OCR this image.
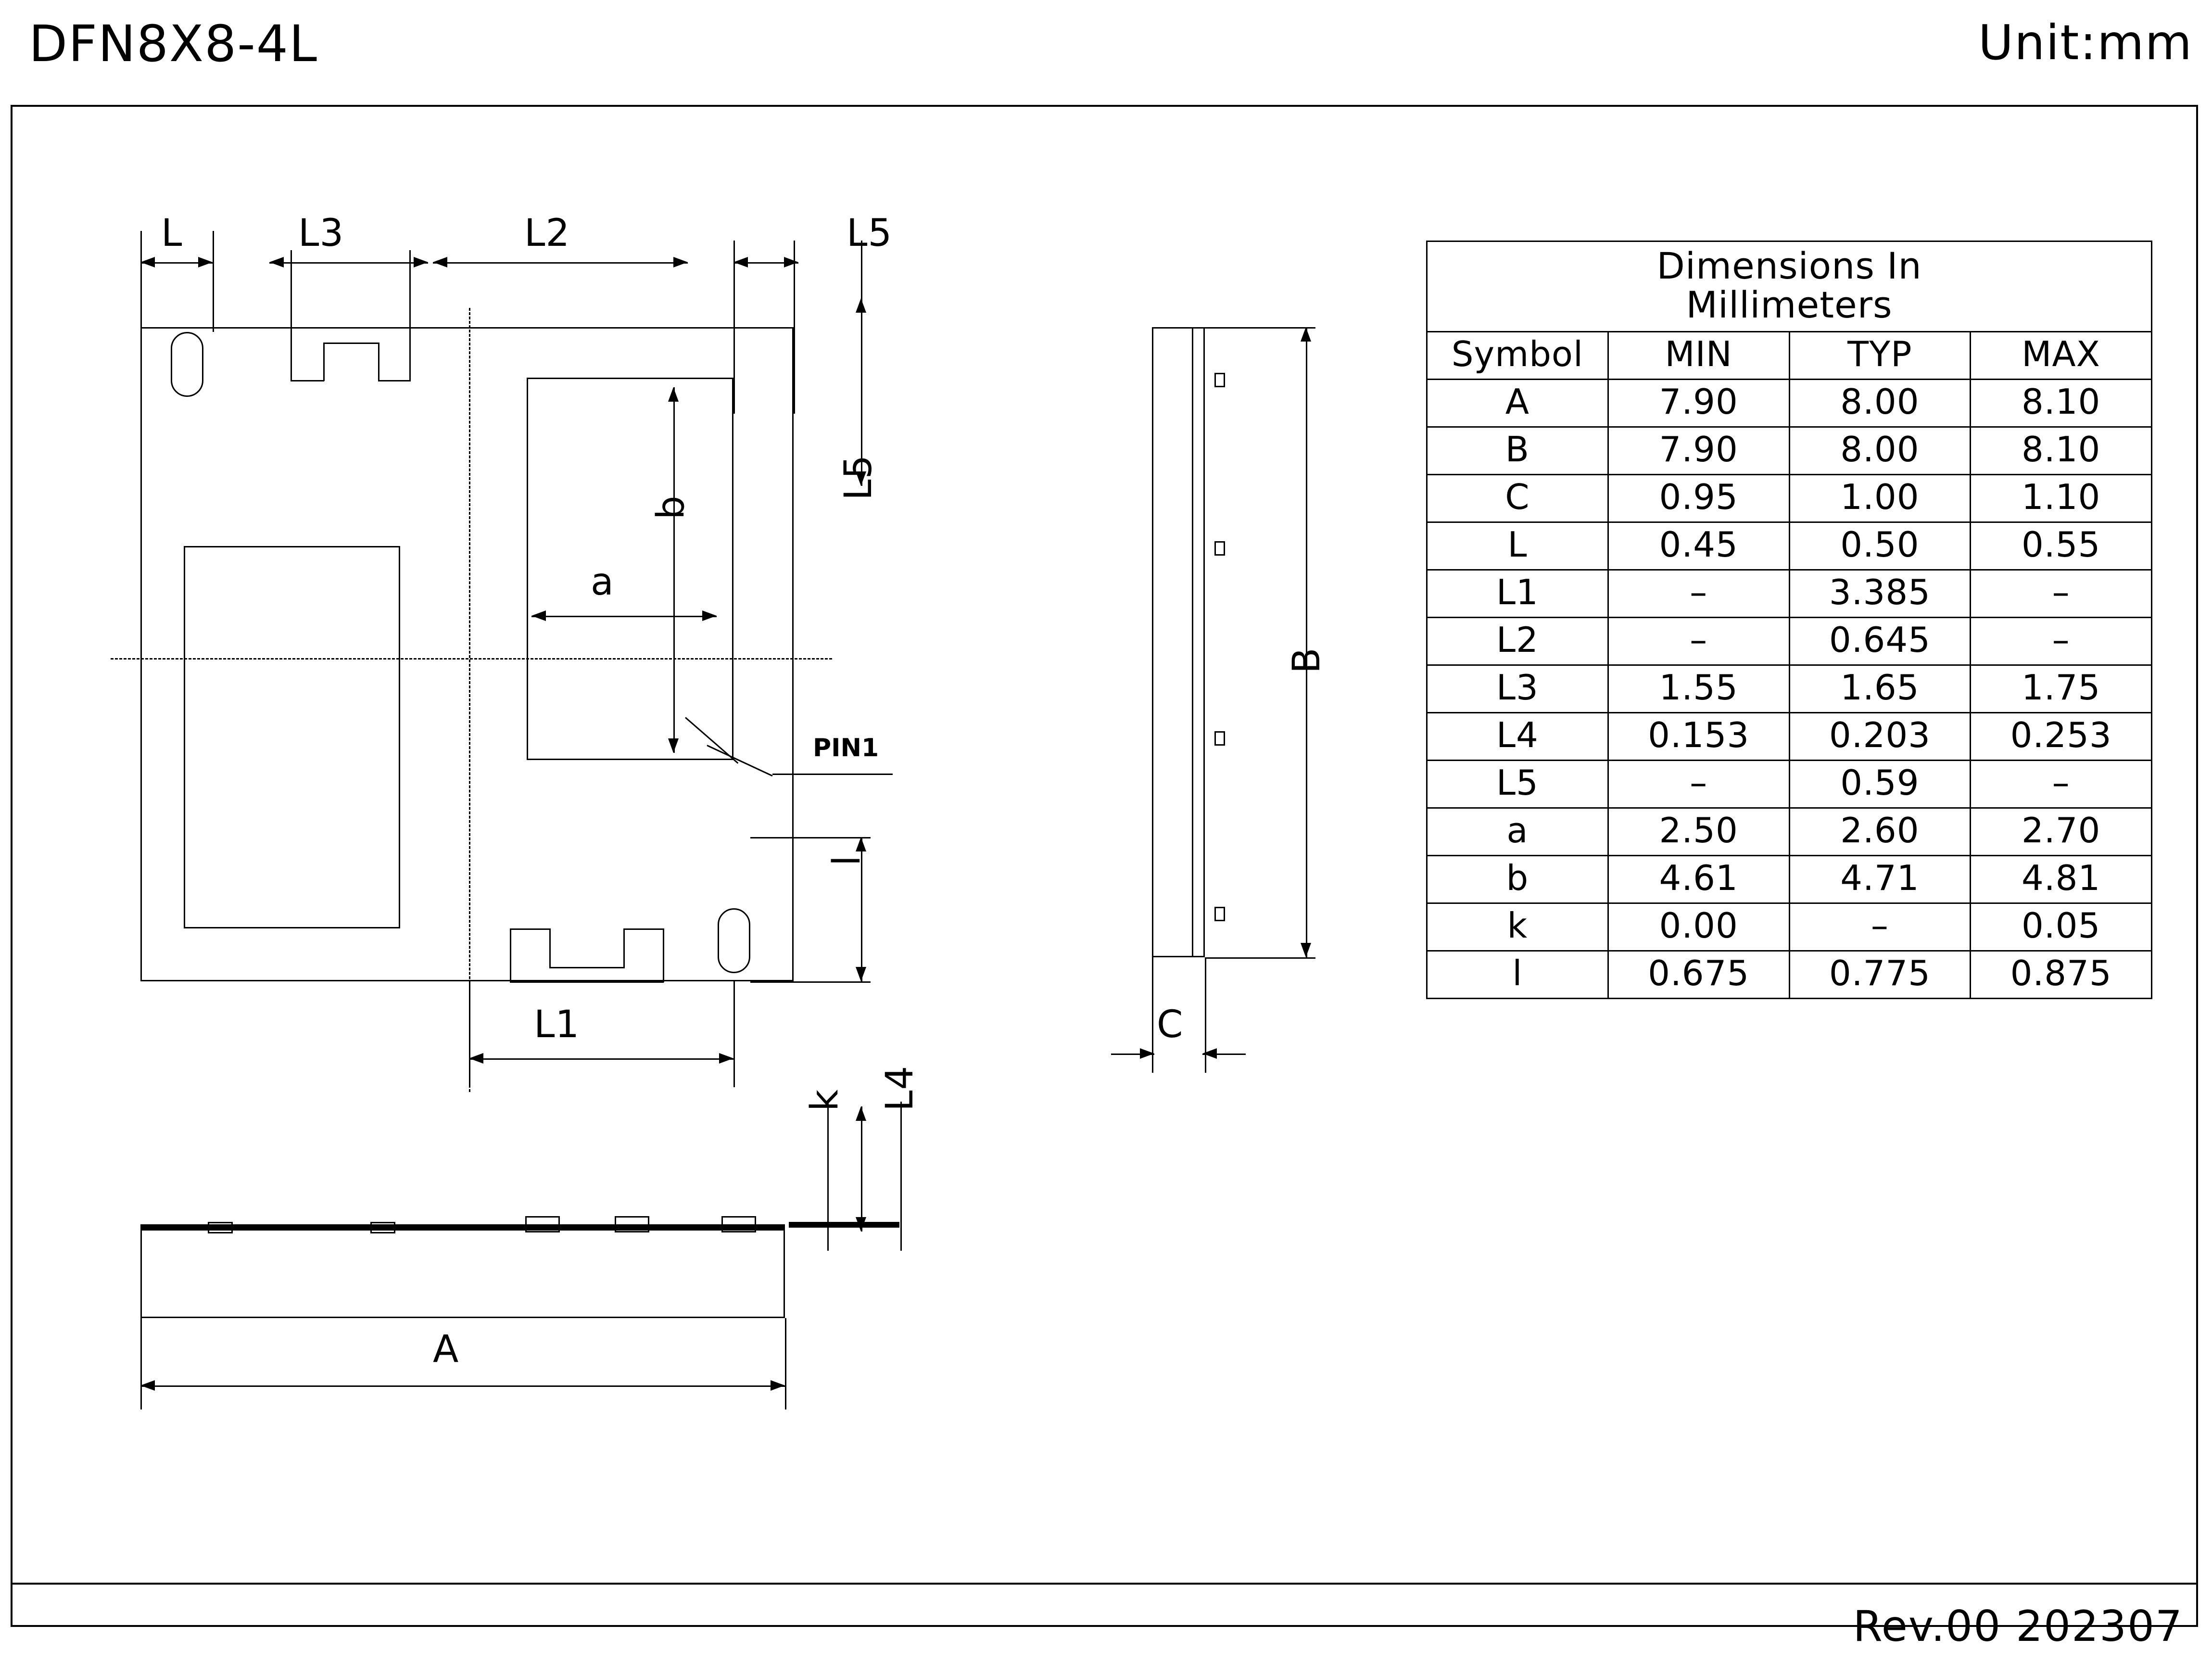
DFN8X8-4L	Unit:mm
Rev.00 202307
L	L3	L2	L5
L5
l
L1
b
a
PIN1
B
C
k L4
A
Dimensions In
Millimeters			
Symbol	MIN	TYP	MAX
A	7.90	8.00	8.10
B	7.90	8.00	8.10
C	0.95	1.00	1.10
L	0.45	0.50	0.55
L1	–	3.385	–
L2	–	0.645	–
L3	1.55	1.65	1.75
L4	0.153	0.203	0.253
L5	–	0.59	–
a	2.50	2.60	2.70
b	4.61	4.71	4.81
k	0.00	–	0.05
l	0.675	0.775	0.875
